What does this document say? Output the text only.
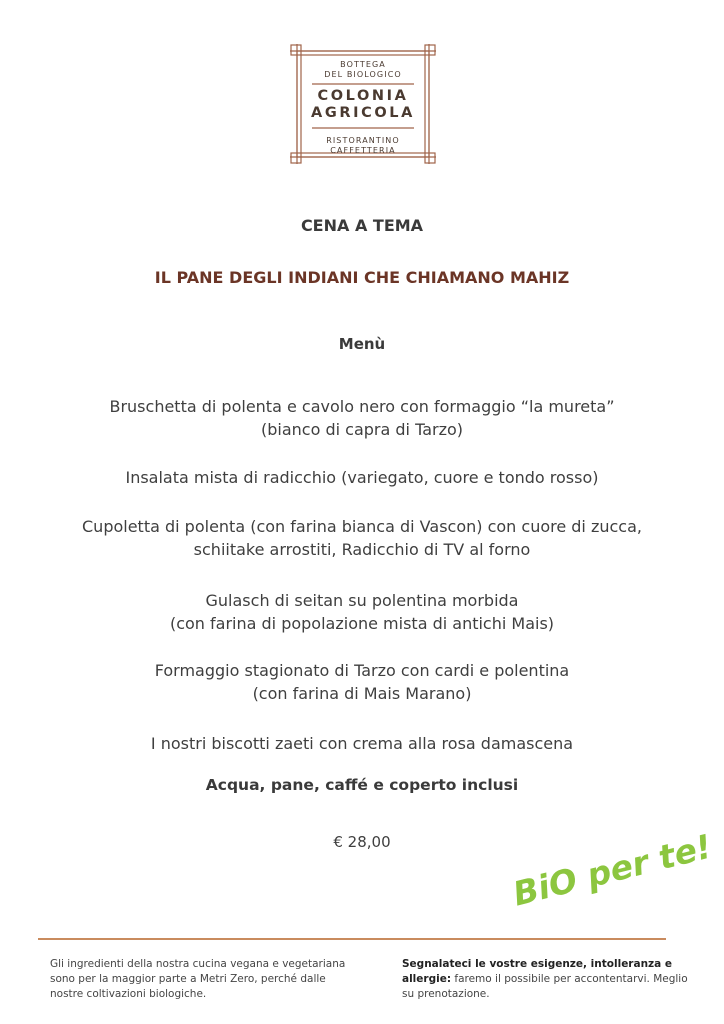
BOTTEGA
DEL BIOLOGICO
COLONIA
AGRICOLA
RISTORANTINO
CAFFETTERIA
CENA A TEMA
IL PANE DEGLI INDIANI CHE CHIAMANO MAHIZ
Menù
Bruschetta di polenta e cavolo nero con formaggio “la mureta”
(bianco di capra di Tarzo)
Insalata mista di radicchio (variegato, cuore e tondo rosso)
Cupoletta di polenta (con farina bianca di Vascon) con cuore di zucca,
schiitake arrostiti, Radicchio di TV al forno
Gulasch di seitan su polentina morbida
(con farina di popolazione mista di antichi Mais)
Formaggio stagionato di Tarzo con cardi e polentina
(con farina di Mais Marano)
I nostri biscotti zaeti con crema alla rosa damascena
Acqua, pane, caffé e coperto inclusi
€ 28,00	BiO per te!
Gli ingredienti della nostra cucina vegana e vegetariana sono per la maggior parte a Metri Zero, perché dalle nostre coltivazioni biologiche.
Segnalateci le vostre esigenze, intolleranza e allergie: faremo il possibile per accontentarvi. Meglio su prenotazione.
